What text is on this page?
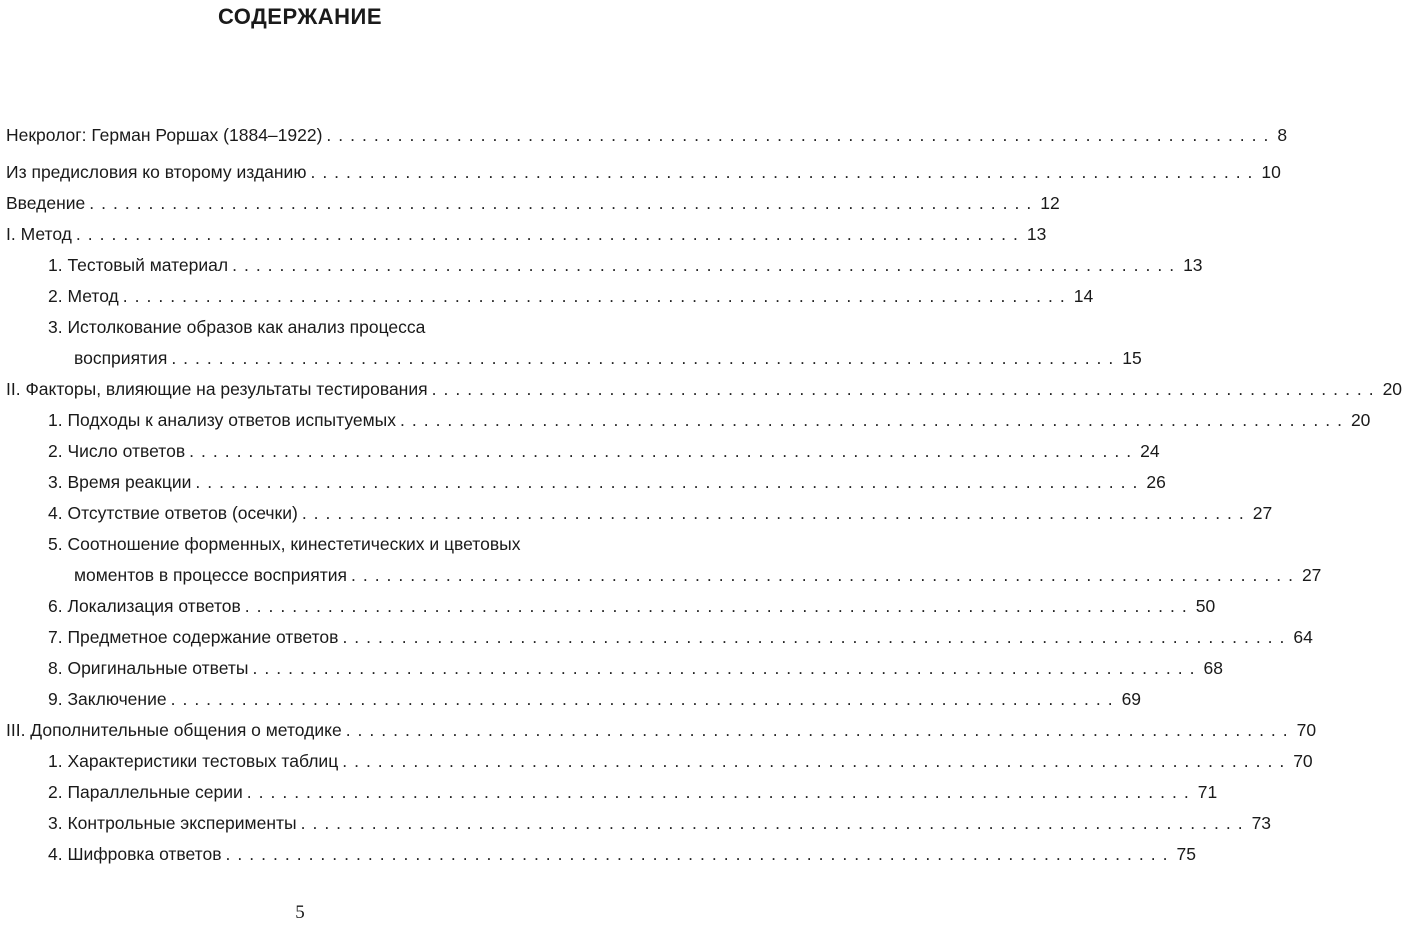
СОДЕРЖАНИЕ
Некролог: Герман Роршах (1884–1922) ................................................................................ 8
Из предисловия ко второму изданию ................................................................................ 10
Введение ................................................................................ 12
I. Метод ................................................................................ 13
1. Тестовый материал ................................................................................ 13
2. Метод ................................................................................ 14
3. Истолкование образов как анализ процесса
восприятия ................................................................................ 15
II. Факторы, влияющие на результаты тестирования ................................................................................ 20
1. Подходы к анализу ответов испытуемых ................................................................................ 20
2. Число ответов ................................................................................ 24
3. Время реакции ................................................................................ 26
4. Отсутствие ответов (осечки) ................................................................................ 27
5. Соотношение форменных, кинестетических и цветовых
моментов в процессе восприятия ................................................................................ 27
6. Локализация ответов ................................................................................ 50
7. Предметное содержание ответов ................................................................................ 64
8. Оригинальные ответы ................................................................................ 68
9. Заключение ................................................................................ 69
III. Дополнительные общения о методике ................................................................................ 70
1. Характеристики тестовых таблиц ................................................................................ 70
2. Параллельные серии ................................................................................ 71
3. Контрольные эксперименты ................................................................................ 73
4. Шифровка ответов ................................................................................ 75
5
